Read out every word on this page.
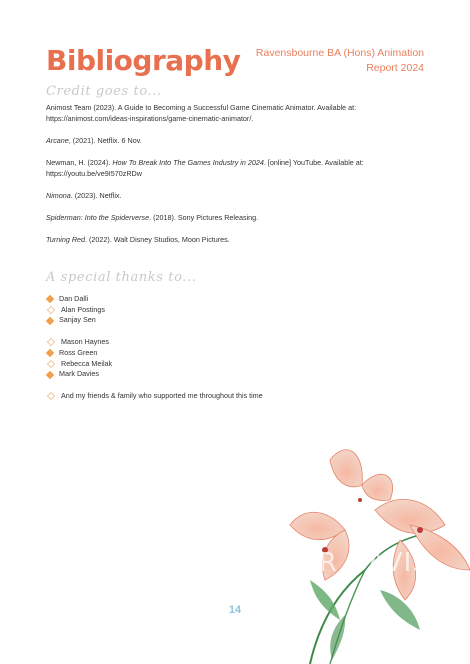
Bibliography Ravensbourne BA (Hons) Animation
Report 2024
Credit goes to...

Animost Team (2023). A Guide to Becoming a Successful Game Cinematic Animator. Available at: https://animost.com/ideas-inspirations/game-cinematic-animator/.

Arcane, (2021). Netflix. 6 Nov.

Newman, H. (2024). How To Break Into The Games Industry in 2024. [online] YouTube. Available at: https://youtu.be/ve9I570zRDw

Nimona. (2023). Netflix.

Spiderman: Into the Spiderverse. (2018). Sony Pictures Releasing.

Turning Red. (2022). Walt Disney Studios, Moon Pictures.

A special thanks to...
Dan Dalli
Alan Postings
Sanjay Sen
Mason Haynes
Ross Green
Rebecca Meilak
Mark Davies
And my friends & family who supported me throughout this time
AR DAVIS
14
